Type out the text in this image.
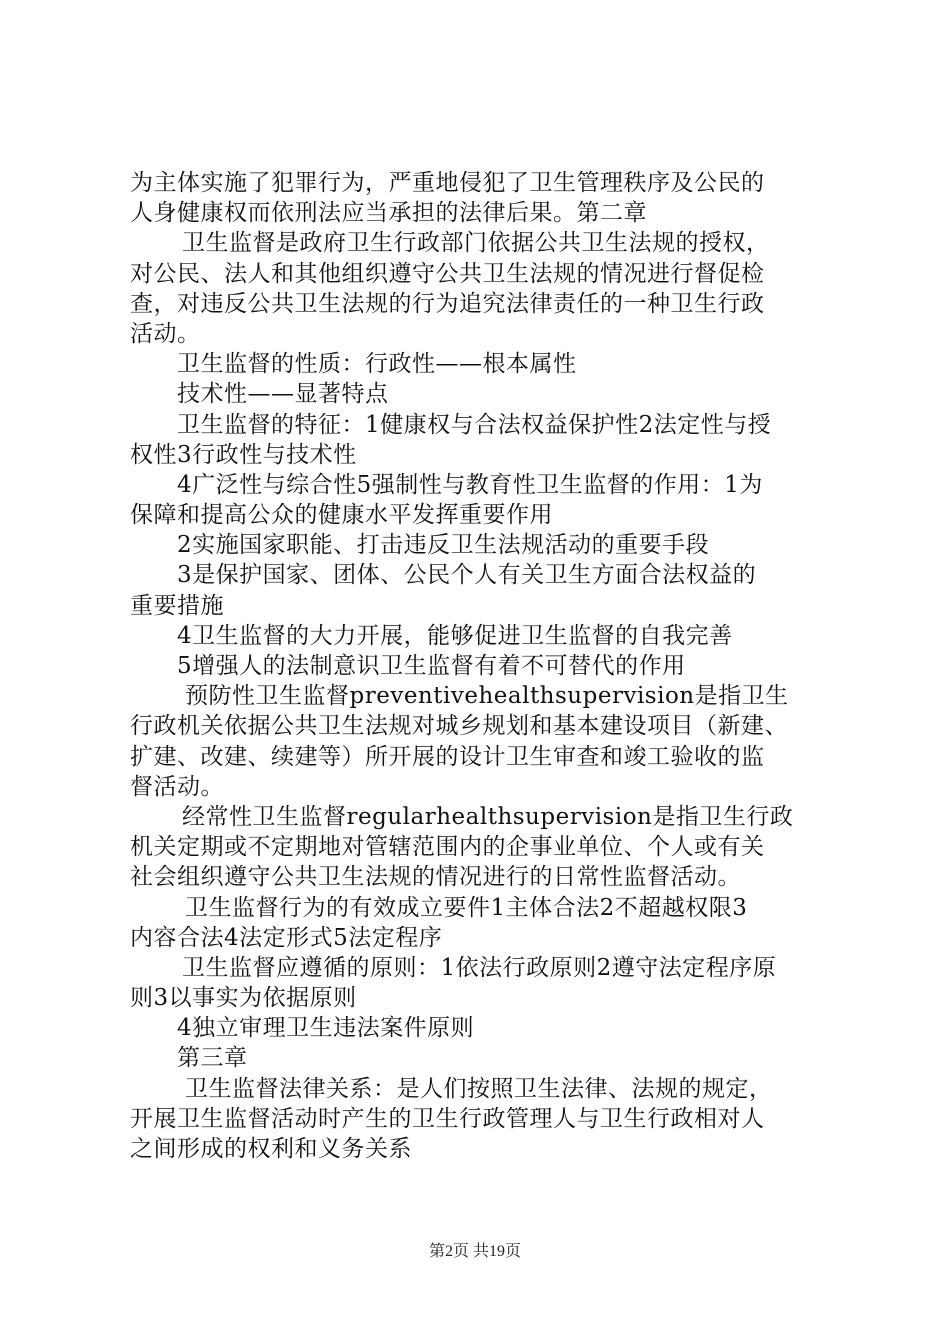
为主体实施了犯罪行为，严重地侵犯了卫生管理秩序及公民的
人身健康权而依刑法应当承担的法律后果。第二章
卫生监督是政府卫生行政部门依据公共卫生法规的授权，
对公民、法人和其他组织遵守公共卫生法规的情况进行督促检
查，对违反公共卫生法规的行为追究法律责任的一种卫生行政
活动。
卫生监督的性质：行政性——根本属性
技术性——显著特点
卫生监督的特征：1健康权与合法权益保护性2法定性与授
权性3行政性与技术性
4广泛性与综合性5强制性与教育性卫生监督的作用：1为
保障和提高公众的健康水平发挥重要作用
2实施国家职能、打击违反卫生法规活动的重要手段
3是保护国家、团体、公民个人有关卫生方面合法权益的
重要措施
4卫生监督的大力开展，能够促进卫生监督的自我完善
5增强人的法制意识卫生监督有着不可替代的作用
预防性卫生监督preventivehealthsupervision是指卫生
行政机关依据公共卫生法规对城乡规划和基本建设项目（新建、
扩建、改建、续建等）所开展的设计卫生审查和竣工验收的监
督活动。
经常性卫生监督regularhealthsupervision是指卫生行政
机关定期或不定期地对管辖范围内的企事业单位、个人或有关
社会组织遵守公共卫生法规的情况进行的日常性监督活动。
卫生监督行为的有效成立要件1主体合法2不超越权限3
内容合法4法定形式5法定程序
卫生监督应遵循的原则：1依法行政原则2遵守法定程序原
则3以事实为依据原则
4独立审理卫生违法案件原则
第三章
卫生监督法律关系：是人们按照卫生法律、法规的规定，
开展卫生监督活动时产生的卫生行政管理人与卫生行政相对人
之间形成的权利和义务关系
第2页 共19页
